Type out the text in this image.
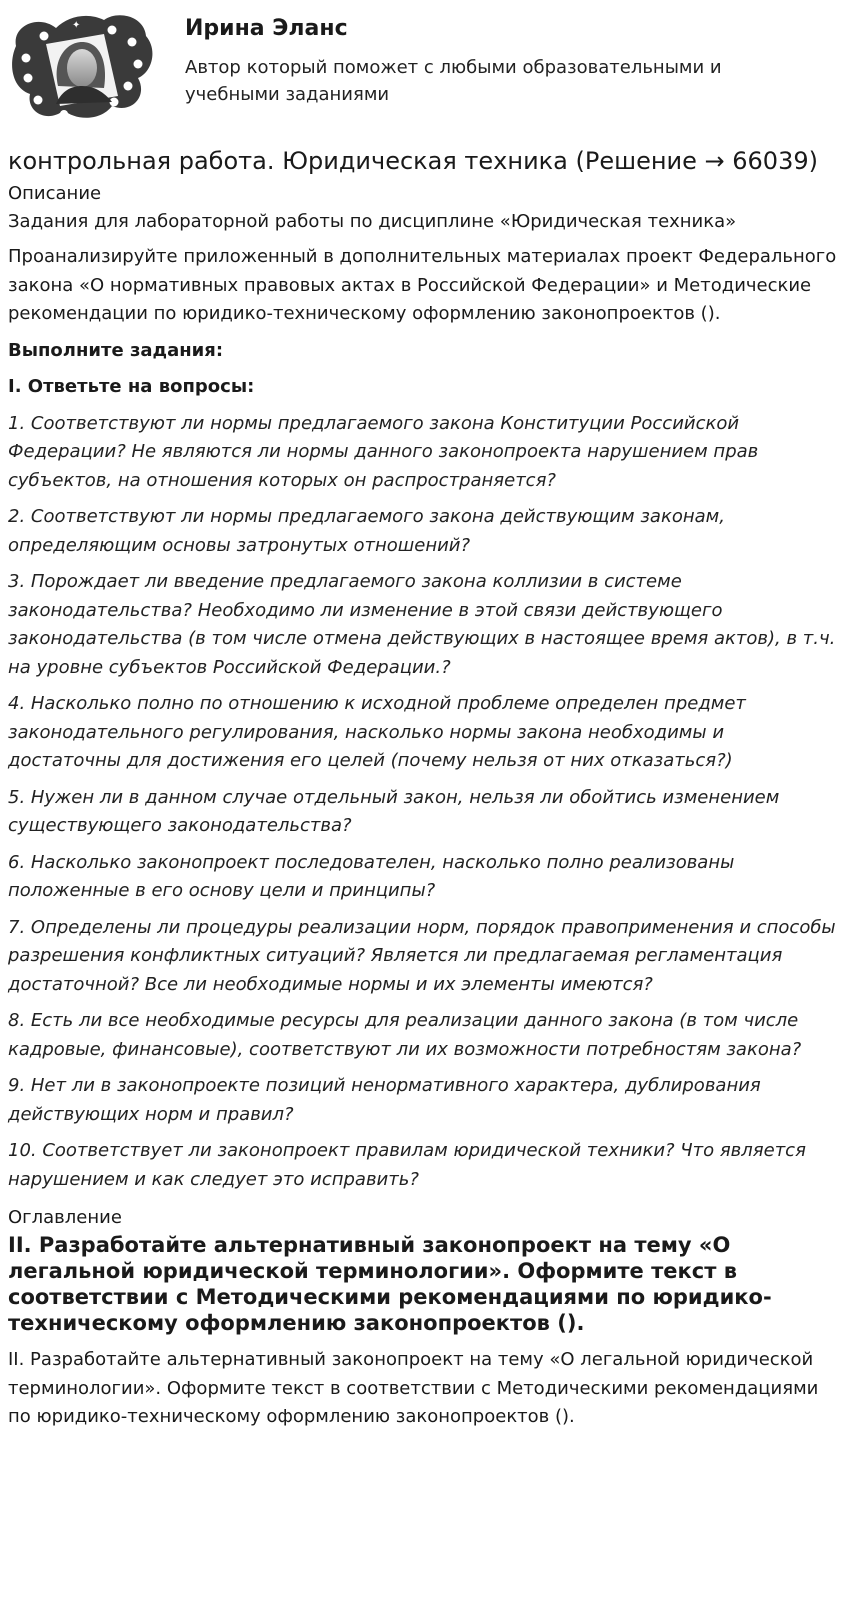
✦	Ирина Эланс

Автор который поможет с любыми образовательными и учебными заданиями

контрольная работа. Юридическая техника (Решение → 66039)
Описание
Задания для лабораторной работы по дисциплине «Юридическая техника»

Проанализируйте приложенный в дополнительных материалах проект Федерального закона «О нормативных правовых актах в Российской Федерации» и Методические рекомендации по юридико-техническому оформлению законопроектов ().

Выполните задания:

I. Ответьте на вопросы:

1. Соответствуют ли нормы предлагаемого закона Конституции Российской Федерации? Не являются ли нормы данного законопроекта нарушением прав субъектов, на отношения которых он распространяется?
2. Соответствуют ли нормы предлагаемого закона действующим законам, определяющим основы затронутых отношений?
3. Порождает ли введение предлагаемого закона коллизии в системе законодательства? Необходимо ли изменение в этой связи действующего законодательства (в том числе отмена действующих в настоящее время актов), в т.ч. на уровне субъектов Российской Федерации.?
4. Насколько полно по отношению к исходной проблеме определен предмет законодательного регулирования, насколько нормы закона необходимы и достаточны для достижения его целей (почему нельзя от них отказаться?)
5. Нужен ли в данном случае отдельный закон, нельзя ли обойтись изменением существующего законодательства?
6. Насколько законопроект последователен, насколько полно реализованы положенные в его основу цели и принципы?
7. Определены ли процедуры реализации норм, порядок правоприменения и способы разрешения конфликтных ситуаций? Является ли предлагаемая регламентация достаточной? Все ли необходимые нормы и их элементы имеются?
8. Есть ли все необходимые ресурсы для реализации данного закона (в том числе кадровые, финансовые), соответствуют ли их возможности потребностям закона?
9. Нет ли в законопроекте позиций ненормативного характера, дублирования действующих норм и правил?
10. Соответствует ли законопроект правилам юридической техники? Что является нарушением и как следует это исправить?
Оглавление
II. Разработайте альтернативный законопроект на тему «О легальной юридической терминологии». Оформите текст в соответствии с Методическими рекомендациями по юридико-техническому оформлению законопроектов ().

II. Разработайте альтернативный законопроект на тему «О легальной юридической терминологии». Оформите текст в соответствии с Методическими рекомендациями по юридико-техническому оформлению законопроектов ().
